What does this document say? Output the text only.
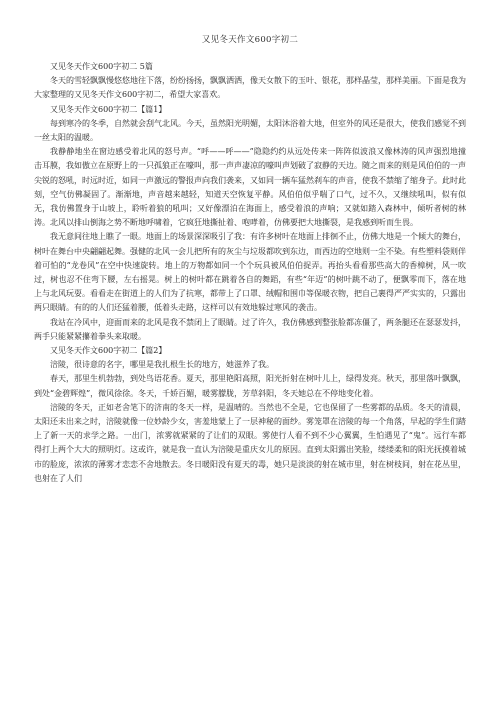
又见冬天作文600字初二

又见冬天作文600字初二 5篇

冬天的雪轻飘飘慢悠悠地往下落，纷纷扬扬，飘飘洒洒，像天女散下的玉叶、银花，那样晶莹，那样美丽。下面是我为大家整理的又见冬天作文600字初二，希望大家喜欢。

又见冬天作文600字初二【篇1】

每到寒冷的冬季，自然就会刮气北风。今天，虽然阳光明媚，太阳沐浴着大地，但室外的风还是很大，使我们感觉不到一丝太阳的温暖。

我静静地坐在窗边感受着北风的怒号声。“呼——呼——”隐隐约约从远处传来一阵阵似波浪又像林涛的风声强烈地撞击耳膜，我如傲立在原野上的一只孤狼正在嚎叫，那一声声凄凉的嚎叫声划破了寂静的天边。随之而来的则是风伯伯的一声尖锐的怒吼，时远时近，如同一声激远的警报声向我们袭来，又如同一辆车猛然刹车的声音，使我不禁缩了缩身子。此时此刻，空气仿佛凝固了。渐渐地，声音越来越轻，知道天空恢复平静。风伯伯似乎喘了口气，过不久，又继续吼叫，似有似无，我仿佛置身于山坡上，聆听着狼的吼叫；又好像漂泊在海面上，感受着浪的声响；又就如踏入森林中，倾听者树的林涛。北风以排山倒海之势不断地呼啸着，它疯狂地撕扯着、咆哮着，仿佛要把大地撕裂，是我感到听而生畏。

我无意间往地上瞧了一眼。地面上的场景深深吸引了我：有许多树叶在地面上排徊不止，仿佛大地是一个倾大的舞台，树叶在舞台中央翩翩起舞。强健的北风一会儿把所有的灰尘与垃圾都吹到东边，而西边的空地则一尘不染。有些塑料袋则伴着可怕的“龙卷风”在空中快速旋转。地上的万物都如同一个个玩具被风伯伯捉弄。再抬头看看那些高大的香樟树，风一吹过，树也忍不住弯下腰，左右摇晃。树上的树叶都在跳着各自的舞蹈，有些“年迈”的树叶跳不动了，便飘零而下，落在地上与北风玩耍。看看走在街道上的人们为了抗寒，都带上了口罩、绒帽和围巾等保暖衣物，把自己裹得严严实实的，只露出两只眼睛。有的的人们还猛着腰，低着头走路，这样可以有效地躲过寒风的袭击。

我站在冷风中，迎面而来的北风是我不禁闭上了眼睛。过了许久，我仿佛感到整张脸都冻僵了，两条腿还在瑟瑟发抖，两手只能紧紧攥着拳头来取暖。

又见冬天作文600字初二【篇2】

涪陵，很诗意的名字，哪里是我扎根生长的地方，她滋养了我。

春天，那里生机勃勃，到处鸟语花香。夏天，那里艳阳高照，阳光折射在树叶儿上，绿得发亮。秋天，那里落叶飘飘，到处“金碧辉煌”，微风徐徐。冬天，千娇百媚，暖雾朦胧，芳草斜阳，冬天她总在不停地变化着。

涪陵的冬天，正如老舍笔下的济南的冬天一样，是温晴的。当然也不全是，它也保留了一些雾都的品质。冬天的清晨，太阳还未出来之时，涪陵就像一位妙龄少女，害羞地蒙上了一层神秘的面纱。雾笼罩在涪陵的每一个角落，早起的学生们踏上了新一天的求学之路。一出门，浓雾就紧紧的了让们的双眼。雾使行人看不到不少心翼翼，生怕遇见了“鬼”。远行车都得打上两个大大的照明灯。这或许，就是我一直认为涪陵是重庆女儿的原因。直到太阳露出笑脸，缕缕柔和的阳光抚摸着城市的脸庞，浓浓的薄雾才恋恋不舍地散去。冬日暖阳没有夏天的毒，她只是淡淡的射在城市里，射在树枝间，射在花丛里，也射在了人们
